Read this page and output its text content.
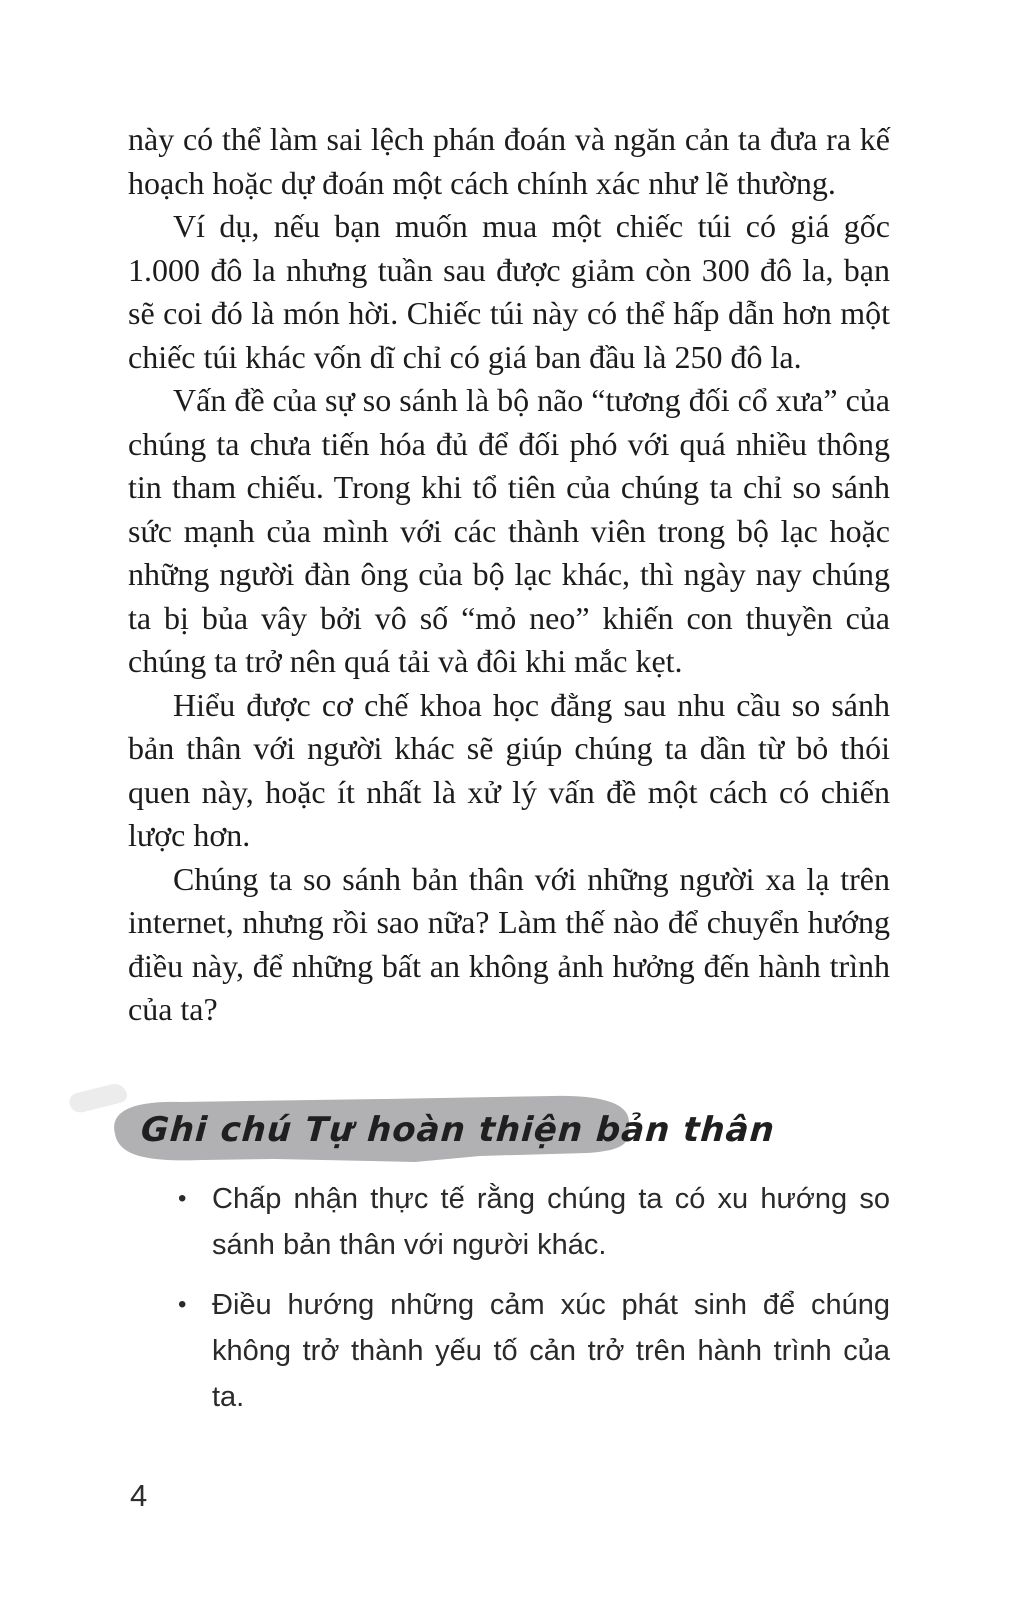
này có thể làm sai lệch phán đoán và ngăn cản ta đưa ra kế hoạch hoặc dự đoán một cách chính xác như lẽ thường.

Ví dụ, nếu bạn muốn mua một chiếc túi có giá gốc 1.000 đô la nhưng tuần sau được giảm còn 300 đô la, bạn sẽ coi đó là món hời. Chiếc túi này có thể hấp dẫn hơn một chiếc túi khác vốn dĩ chỉ có giá ban đầu là 250 đô la.

Vấn đề của sự so sánh là bộ não “tương đối cổ xưa” của chúng ta chưa tiến hóa đủ để đối phó với quá nhiều thông tin tham chiếu. Trong khi tổ tiên của chúng ta chỉ so sánh sức mạnh của mình với các thành viên trong bộ lạc hoặc những người đàn ông của bộ lạc khác, thì ngày nay chúng ta bị bủa vây bởi vô số “mỏ neo” khiến con thuyền của chúng ta trở nên quá tải và đôi khi mắc kẹt.

Hiểu được cơ chế khoa học đằng sau nhu cầu so sánh bản thân với người khác sẽ giúp chúng ta dần từ bỏ thói quen này, hoặc ít nhất là xử lý vấn đề một cách có chiến lược hơn.

Chúng ta so sánh bản thân với những người xa lạ trên internet, nhưng rồi sao nữa? Làm thế nào để chuyển hướng điều này, để những bất an không ảnh hưởng đến hành trình của ta?

Ghi chú Tự hoàn thiện bản thân
• Chấp nhận thực tế rằng chúng ta có xu hướng so sánh bản thân với người khác.
• Điều hướng những cảm xúc phát sinh để chúng không trở thành yếu tố cản trở trên hành trình của ta.
4
